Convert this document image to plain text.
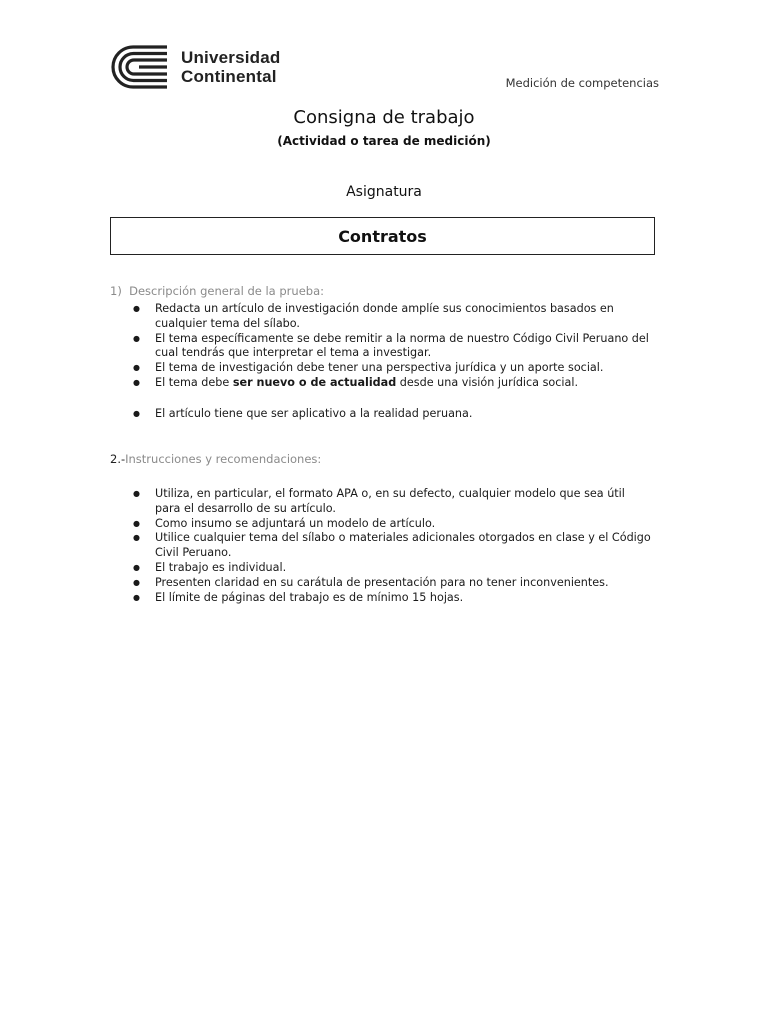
Universidad
Continental	Medición de competencias
Consigna de trabajo
(Actividad o tarea de medición)
Asignatura
Contratos
1) Descripción general de la prueba:
● Redacta un artículo de investigación donde amplíe sus conocimientos basados en cualquier tema del sílabo.
● El tema específicamente se debe remitir a la norma de nuestro Código Civil Peruano del cual tendrás que interpretar el tema a investigar.
● El tema de investigación debe tener una perspectiva jurídica y un aporte social.
● El tema debe ser nuevo o de actualidad desde una visión jurídica social.
● El artículo tiene que ser aplicativo a la realidad peruana.
2.-Instrucciones y recomendaciones:
● Utiliza, en particular, el formato APA o, en su defecto, cualquier modelo que sea útil para el desarrollo de su artículo.
● Como insumo se adjuntará un modelo de artículo.
● Utilice cualquier tema del sílabo o materiales adicionales otorgados en clase y el Código Civil Peruano.
● El trabajo es individual.
● Presenten claridad en su carátula de presentación para no tener inconvenientes.
● El límite de páginas del trabajo es de mínimo 15 hojas.
